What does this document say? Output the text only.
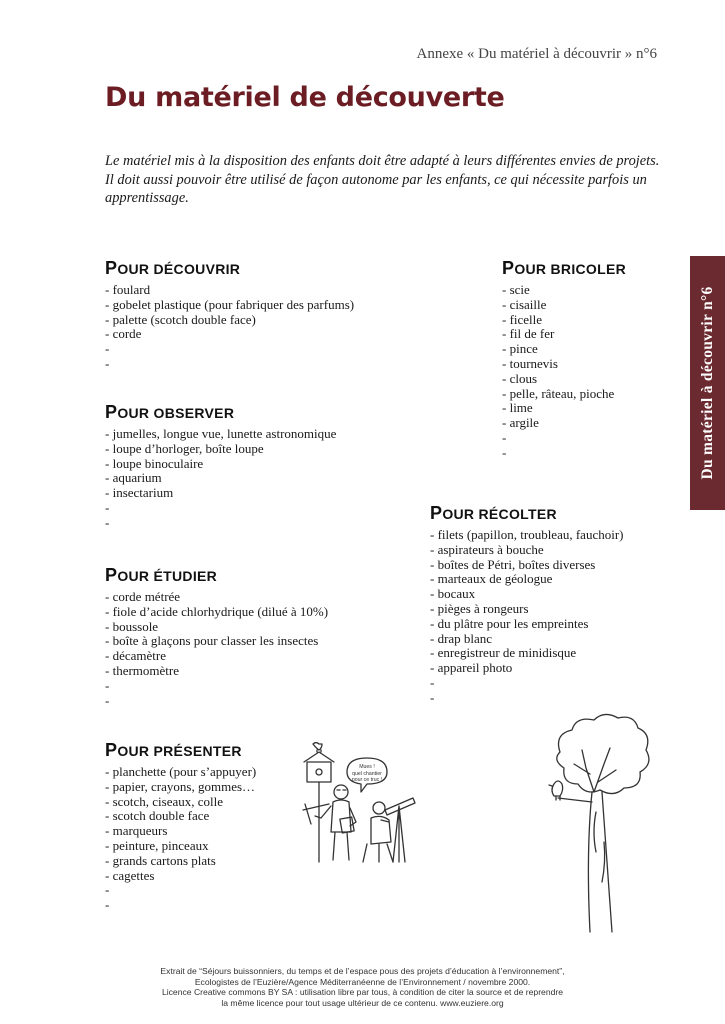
Annexe « Du matériel à découvrir » n°6
Du matériel de découverte

Le matériel mis à la disposition des enfants doit être adapté à leurs différentes envies de projets. Il doit aussi pouvoir être utilisé de façon autonome par les enfants, ce qui nécessite parfois un apprentissage.

Du matériel à découvrir n°6
POUR DÉCOUVRIR
- foulard
- gobelet plastique (pour fabriquer des parfums)
- palette (scotch double face)
- corde
-
-
POUR BRICOLER
- scie
- cisaille
- ficelle
- fil de fer
- pince
- tournevis
- clous
- pelle, râteau, pioche
- lime
- argile
-
-
POUR OBSERVER
- jumelles, longue vue, lunette astronomique
- loupe d’horloger, boîte loupe
- loupe binoculaire
- aquarium
- insectarium
-
-	POUR RÉCOLTER
- filets (papillon, troubleau, fauchoir)
- aspirateurs à bouche
- boîtes de Pétri, boîtes diverses
- marteaux de géologue
- bocaux
- pièges à rongeurs
- du plâtre pour les empreintes
- drap blanc
- enregistreur de minidisque
- appareil photo
-
-
POUR ÉTUDIER
- corde métrée
- fiole d’acide chlorhydrique (dilué à 10%)
- boussole
- boîte à glaçons pour classer les insectes
- décamètre
- thermomètre
-
-
POUR PRÉSENTER
- planchette (pour s’appuyer)
- papier, crayons, gommes…
- scotch, ciseaux, colle
- scotch double face
- marqueurs
- peinture, pinceaux
- grands cartons plats
- cagettes
-
-
Mues !
quel chantier
pour ce truc !
Extrait de “Séjours buissonniers, du temps et de l’espace pous des projets d’éducation à l’environnement”,
Ecologistes de l’Euzière/Agence Méditerranéenne de l’Environnement / novembre 2000.
Licence Creative commons BY SA : utilisation libre par tous, à condition de citer la source et de reprendre
la même licence pour tout usage ultérieur de ce contenu. www.euziere.org
